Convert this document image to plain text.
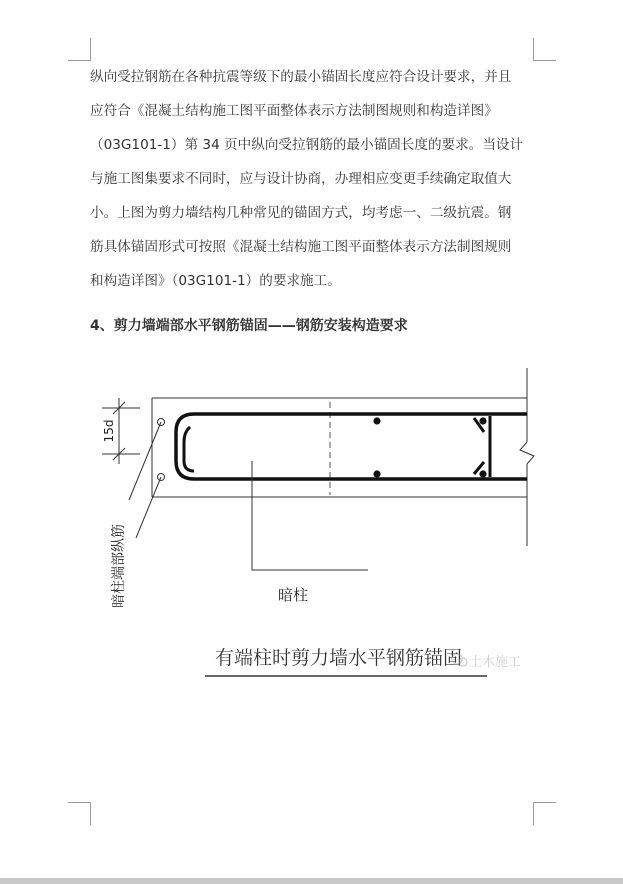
纵向受拉钢筋在各种抗震等级下的最小锚固长度应符合设计要求，并且
应符合《混凝土结构施工图平面整体表示方法制图规则和构造详图》
（03G101-1）第 34 页中纵向受拉钢筋的最小锚固长度的要求。当设计
与施工图集要求不同时，应与设计协商，办理相应变更手续确定取值大
小。上图为剪力墙结构几种常见的锚固方式，均考虑一、二级抗震。钢
筋具体锚固形式可按照《混凝土结构施工图平面整体表示方法制图规则
和构造详图》（03G101-1）的要求施工。

4、剪力墙端部水平钢筋锚固——钢筋安装构造要求
15d
暗柱端部纵筋	暗柱
有端柱时剪力墙水平钢筋锚固 土木施工
